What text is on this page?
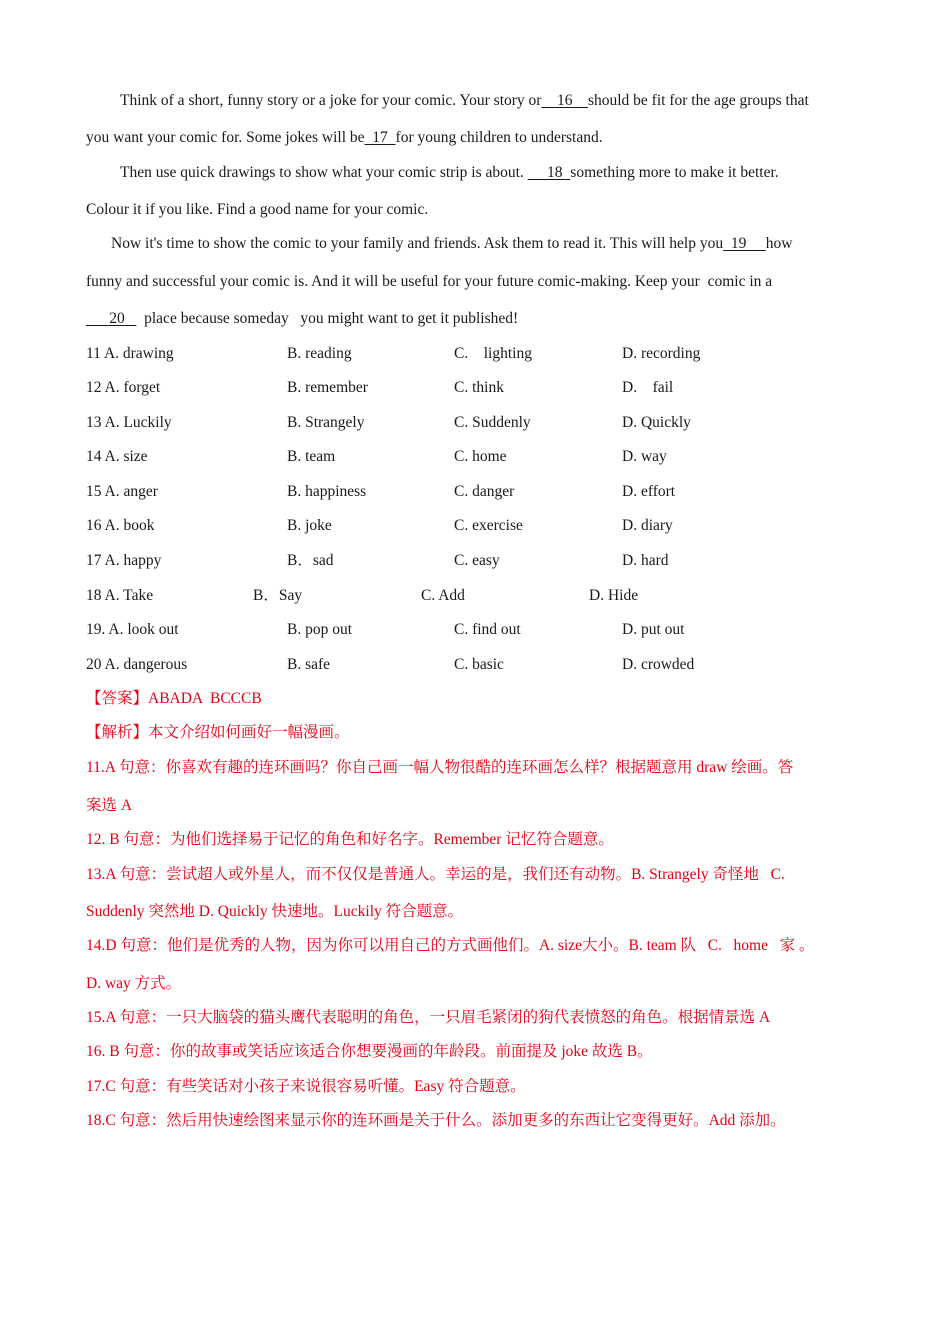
Think of a short, funny story or a joke for your comic. Your story or    16    should be fit for the age groups that
you want your comic for. Some jokes will be  17  for young children to understand.
Then use quick drawings to show what your comic strip is about.      18  something more to make it better.
Colour it if you like. Find a good name for your comic.
Now it's time to show the comic to your family and friends. Ask them to read it. This will help you  19     how
funny and successful your comic is. And it will be useful for your future comic-making. Keep your  comic in a
20     place because someday   you might want to get it published!
11 A. drawing	B. reading	C.    lighting	D. recording
12 A. forget	B. remember	C. think	D.    fail
13 A. Luckily	B. Strangely	C. Suddenly	D. Quickly
14 A. size	B. team	C. home	D. way
15 A. anger	B. happiness	C. danger	D. effort
16 A. book	B. joke	C. exercise	D. diary
17 A. happy	B．sad	C. easy	D. hard
18 A. Take	B．Say	C. Add	D. Hide
19. A. look out	B. pop out	C. find out	D. put out
20 A. dangerous	B. safe	C. basic	D. crowded
【答案】ABADA  BCCCB
【解析】本文介绍如何画好一幅漫画。
11.A 句意：你喜欢有趣的连环画吗？你自己画一幅人物很酷的连环画怎么样？根据题意用 draw 绘画。答
案选 A
12. B 句意：为他们选择易于记忆的角色和好名字。Remember 记忆符合题意。
13.A 句意：尝试超人或外星人，而不仅仅是普通人。幸运的是，我们还有动物。B. Strangely 奇怪地   C.
Suddenly 突然地 D. Quickly 快速地。Luckily 符合题意。
14.D 句意：他们是优秀的人物，因为你可以用自己的方式画他们。A. size大小。B. team 队   C.   home   家 。
D. way 方式。
15.A 句意：一只大脑袋的猫头鹰代表聪明的角色，一只眉毛紧闭的狗代表愤怒的角色。根据情景选 A
16. B 句意：你的故事或笑话应该适合你想要漫画的年龄段。前面提及 joke 故选 B。
17.C 句意：有些笑话对小孩子来说很容易听懂。Easy 符合题意。
18.C 句意：然后用快速绘图来显示你的连环画是关于什么。添加更多的东西让它变得更好。Add 添加。
